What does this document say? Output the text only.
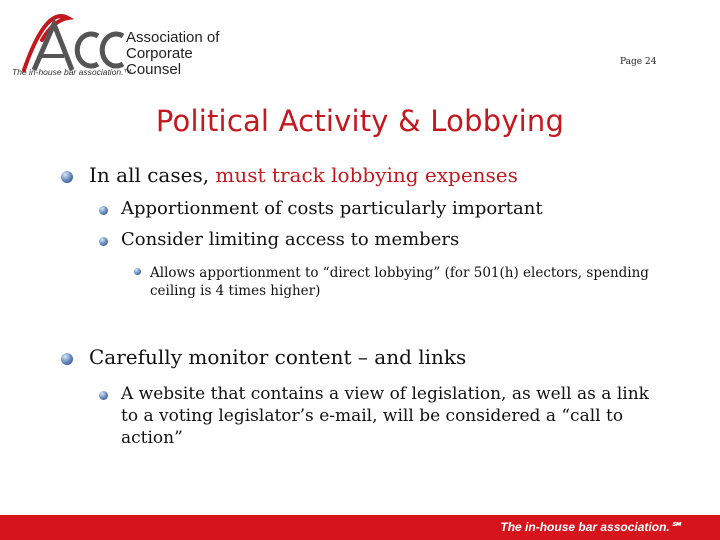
Association of
Corporate Counsel
The in-house bar association.™
Page 24
Political Activity & Lobbying
In all cases, must track lobbying expenses
Apportionment of costs particularly important
Consider limiting access to members
Allows apportionment to “direct lobbying” (for 501(h) electors, spending ceiling is 4 times higher)
Carefully monitor content – and links
A website that contains a view of legislation, as well as a link to a voting legislator’s e-mail, will be considered a “call to action”
The in-house bar association.℠
